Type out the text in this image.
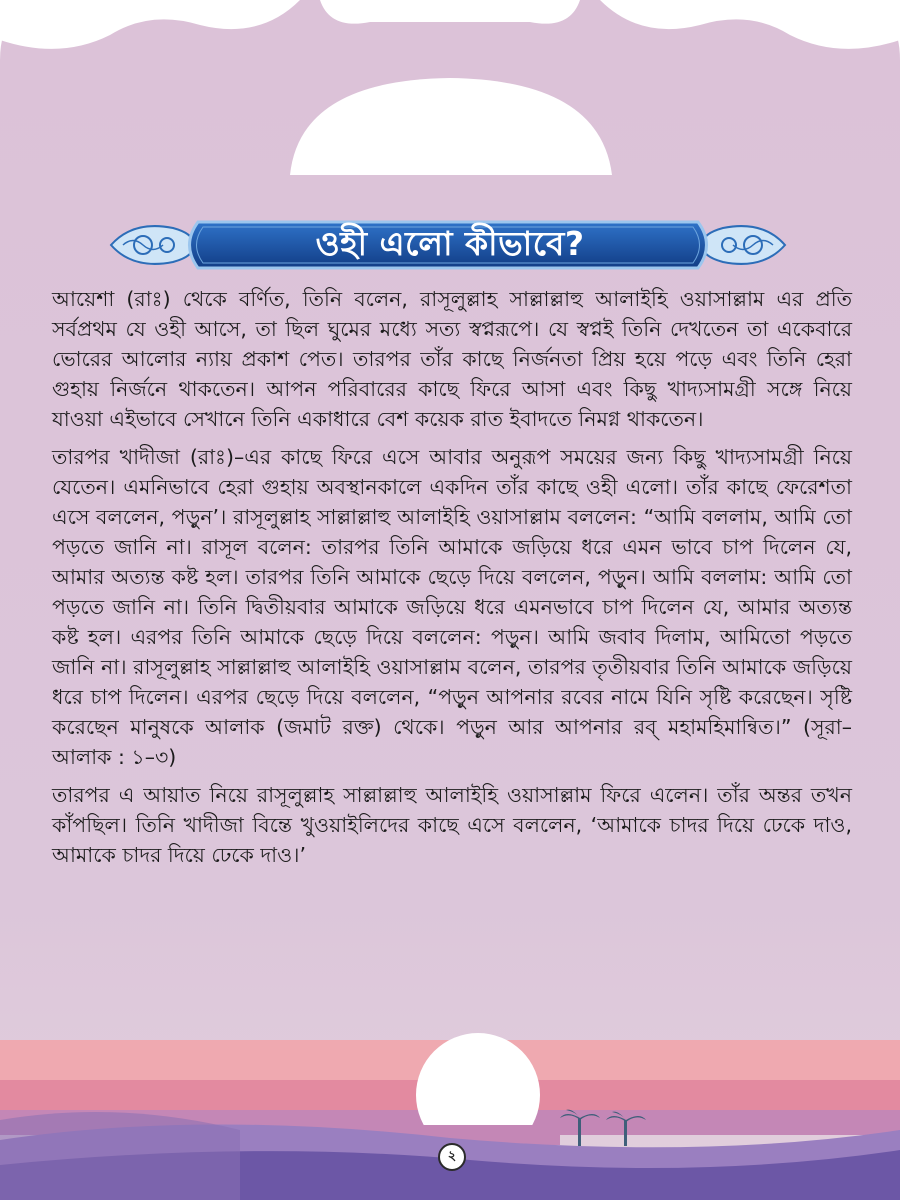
ওহী এলো কীভাবে?

আয়েশা (রাঃ) থেকে বর্ণিত, তিনি বলেন, রাসূলুল্লাহ সাল্লাল্লাহু আলাইহি ওয়াসাল্লাম এর প্রতি সর্বপ্রথম যে ওহী আসে, তা ছিল ঘুমের মধ্যে সত্য স্বপ্নরূপে। যে স্বপ্নই তিনি দেখতেন তা একেবারে ভোরের আলোর ন্যায় প্রকাশ পেত। তারপর তাঁর কাছে নির্জনতা প্রিয় হয়ে পড়ে এবং তিনি হেরা গুহায় নির্জনে থাকতেন। আপন পরিবারের কাছে ফিরে আসা এবং কিছু খাদ্যসামগ্রী সঙ্গে নিয়ে যাওয়া এইভাবে সেখানে তিনি একাধারে বেশ কয়েক রাত ইবাদতে নিমগ্ন থাকতেন।

তারপর খাদীজা (রাঃ)–এর কাছে ফিরে এসে আবার অনুরূপ সময়ের জন্য কিছু খাদ্যসামগ্রী নিয়ে যেতেন। এমনিভাবে হেরা গুহায় অবস্থানকালে একদিন তাঁর কাছে ওহী এলো। তাঁর কাছে ফেরেশতা এসে বললেন, পড়ুন’। রাসূলুল্লাহ সাল্লাল্লাহু আলাইহি ওয়াসাল্লাম বললেন: “আমি বললাম, আমি তো পড়তে জানি না। রাসূল বলেন: তারপর তিনি আমাকে জড়িয়ে ধরে এমন ভাবে চাপ দিলেন যে, আমার অত্যন্ত কষ্ট হল। তারপর তিনি আমাকে ছেড়ে দিয়ে বললেন, পড়ুন। আমি বললাম: আমি তো পড়তে জানি না। তিনি দ্বিতীয়বার আমাকে জড়িয়ে ধরে এমনভাবে চাপ দিলেন যে, আমার অত্যন্ত কষ্ট হল। এরপর তিনি আমাকে ছেড়ে দিয়ে বললেন: পড়ুন। আমি জবাব দিলাম, আমিতো পড়তে জানি না। রাসূলুল্লাহ সাল্লাল্লাহু আলাইহি ওয়াসাল্লাম বলেন, তারপর তৃতীয়বার তিনি আমাকে জড়িয়ে ধরে চাপ দিলেন। এরপর ছেড়ে দিয়ে বললেন, “পড়ুন আপনার রবের নামে যিনি সৃষ্টি করেছেন। সৃষ্টি করেছেন মানুষকে আলাক (জমাট রক্ত) থেকে। পড়ুন আর আপনার রব্ মহামহিমান্বিত।” (সূরা–আলাক : ১–৩)

তারপর এ আয়াত নিয়ে রাসূলুল্লাহ সাল্লাল্লাহু আলাইহি ওয়াসাল্লাম ফিরে এলেন। তাঁর অন্তর তখন কাঁপছিল। তিনি খাদীজা বিন্তে খুওয়াইলিদের কাছে এসে বললেন, ‘আমাকে চাদর দিয়ে ঢেকে দাও, আমাকে চাদর দিয়ে ঢেকে দাও।’

২
